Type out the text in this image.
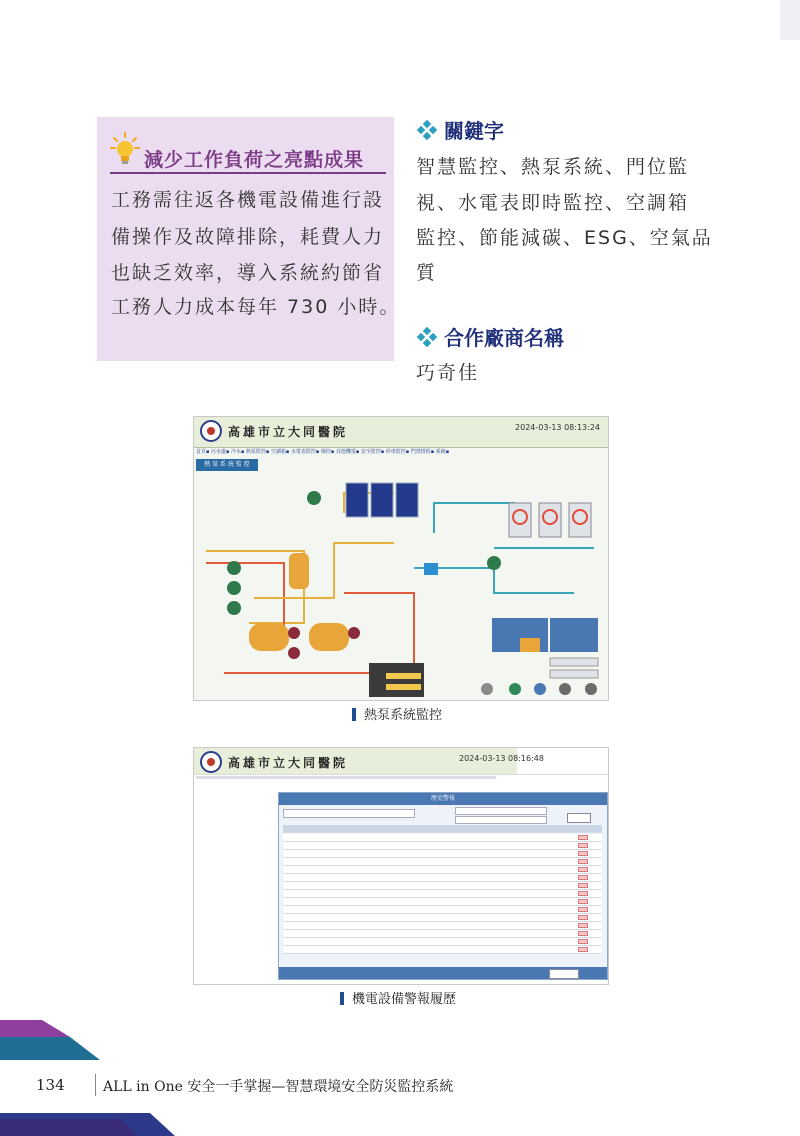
減少工作負荷之亮點成果
工務需往返各機電設備進行設
備操作及故障排除，耗費人力
也缺乏效率，導入系統約節省
工務人力成本每年 730 小時。
關鍵字
智慧監控、熱泵系統、門位監
視、水電表即時監控、空調箱
監控、節能減碳、ESG、空氣品
質
合作廠商名稱
巧奇佳
高雄市立大同醫院	2024-03-13 08:13:24
首頁▪ 污水處▪ 冷水▪ 熱泵監控▪ 空調箱▪ 水電表監控▪ 梯控▪ 其他機電▪ 安全監控▪ 停車監控▪ 門禁排程▪ 系統▪
熱 泵 系 統 監 控
熱泵系統監控
高雄市立大同醫院	2024-03-13 08:16:48
歷史警報
機電設備警報履歷
134	ALL in One 安全一手掌握—智慧環境安全防災監控系統
